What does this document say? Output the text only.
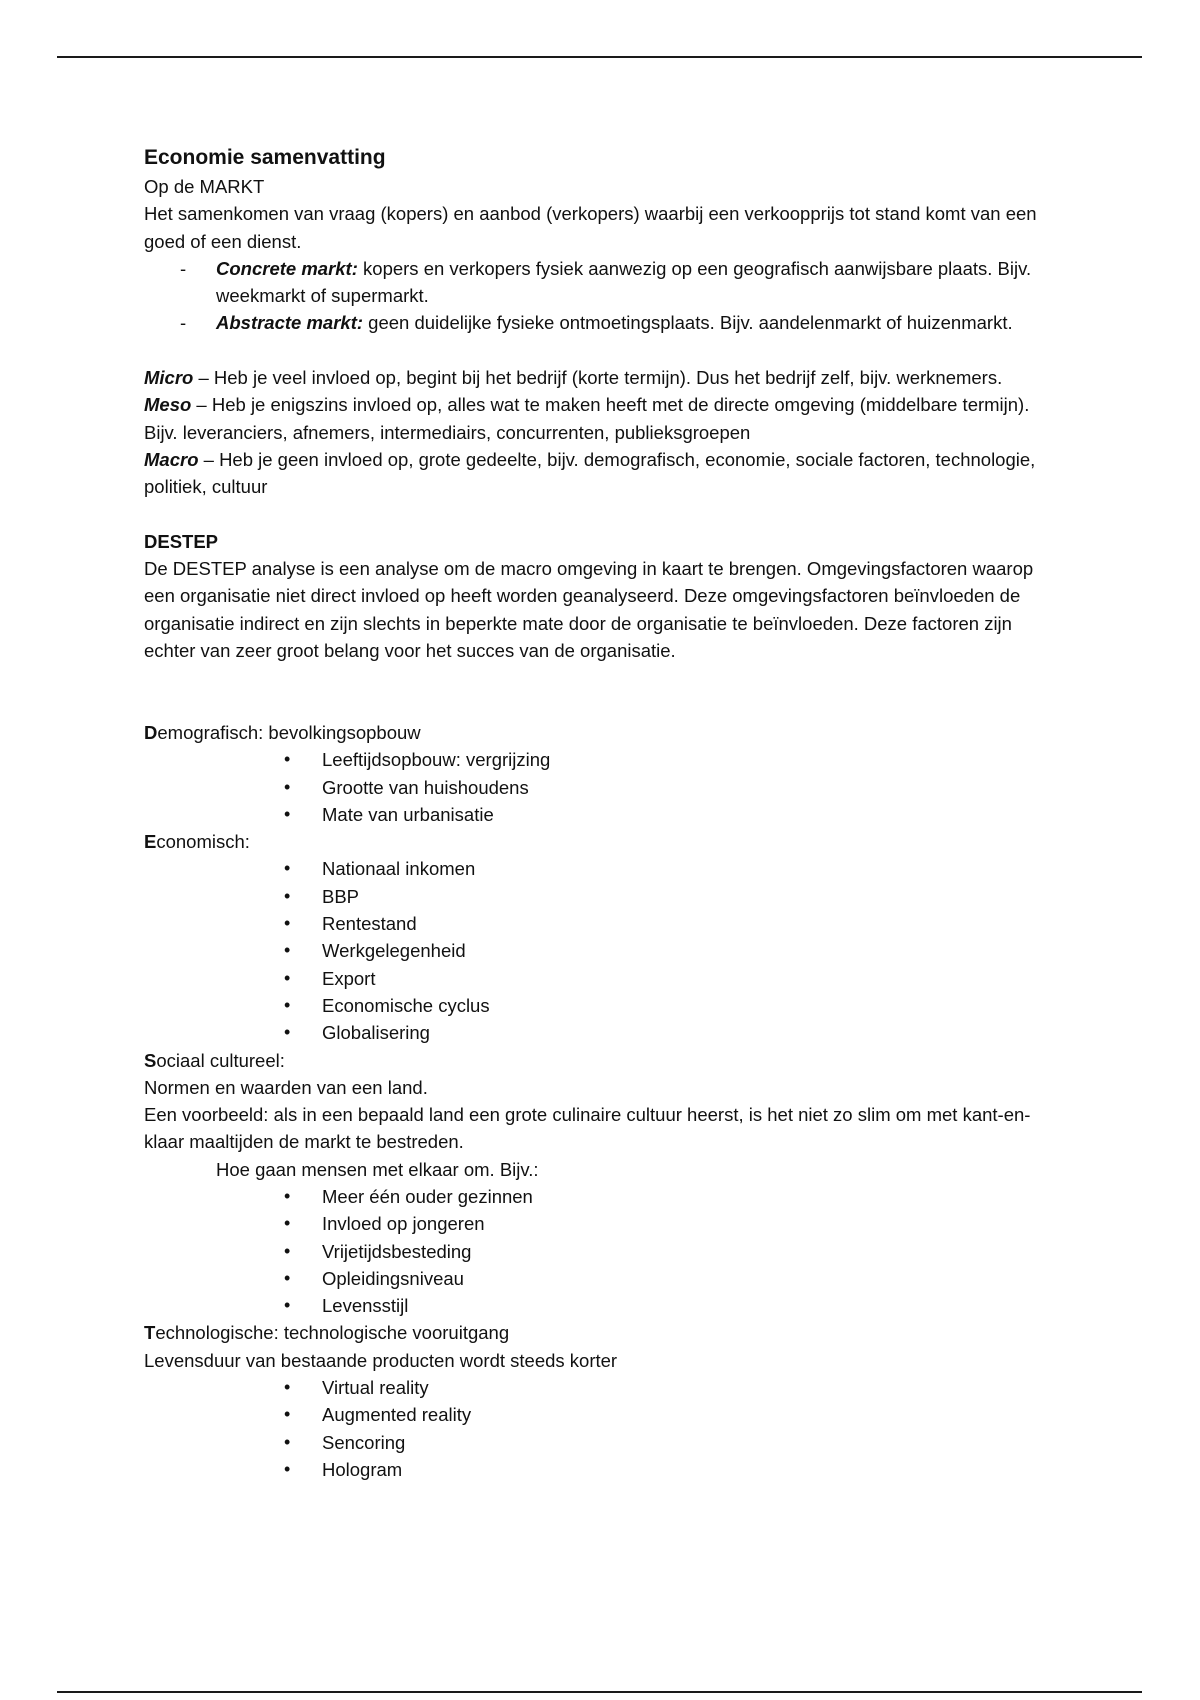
Economie samenvatting

Op de MARKT

Het samenkomen van vraag (kopers) en aanbod (verkopers) waarbij een verkoopprijs tot stand komt van een goed of een dienst.

- Concrete markt: kopers en verkopers fysiek aanwezig op een geografisch aanwijsbare plaats. Bijv. weekmarkt of supermarkt.
- Abstracte markt: geen duidelijke fysieke ontmoetingsplaats. Bijv. aandelenmarkt of huizenmarkt.

Micro – Heb je veel invloed op, begint bij het bedrijf (korte termijn). Dus het bedrijf zelf, bijv. werknemers.

Meso – Heb je enigszins invloed op, alles wat te maken heeft met de directe omgeving (middelbare termijn). Bijv. leveranciers, afnemers, intermediairs, concurrenten, publieksgroepen

Macro – Heb je geen invloed op, grote gedeelte, bijv. demografisch, economie, sociale factoren, technologie, politiek, cultuur

DESTEP

De DESTEP analyse is een analyse om de macro omgeving in kaart te brengen. Omgevingsfactoren waarop een organisatie niet direct invloed op heeft worden geanalyseerd. Deze omgevingsfactoren beïnvloeden de organisatie indirect en zijn slechts in beperkte mate door de organisatie te beïnvloeden. Deze factoren zijn echter van zeer groot belang voor het succes van de organisatie.

Demografisch: bevolkingsopbouw

• Leeftijdsopbouw: vergrijzing
• Grootte van huishoudens
• Mate van urbanisatie

Economisch:

• Nationaal inkomen
• BBP
• Rentestand
• Werkgelegenheid
• Export
• Economische cyclus
• Globalisering

Sociaal cultureel:

Normen en waarden van een land.

Een voorbeeld: als in een bepaald land een grote culinaire cultuur heerst, is het niet zo slim om met kant-en-klaar maaltijden de markt te bestreden.

Hoe gaan mensen met elkaar om. Bijv.:

• Meer één ouder gezinnen
• Invloed op jongeren
• Vrijetijdsbesteding
• Opleidingsniveau
• Levensstijl

Technologische: technologische vooruitgang

Levensduur van bestaande producten wordt steeds korter

• Virtual reality
• Augmented reality
• Sencoring
• Hologram
